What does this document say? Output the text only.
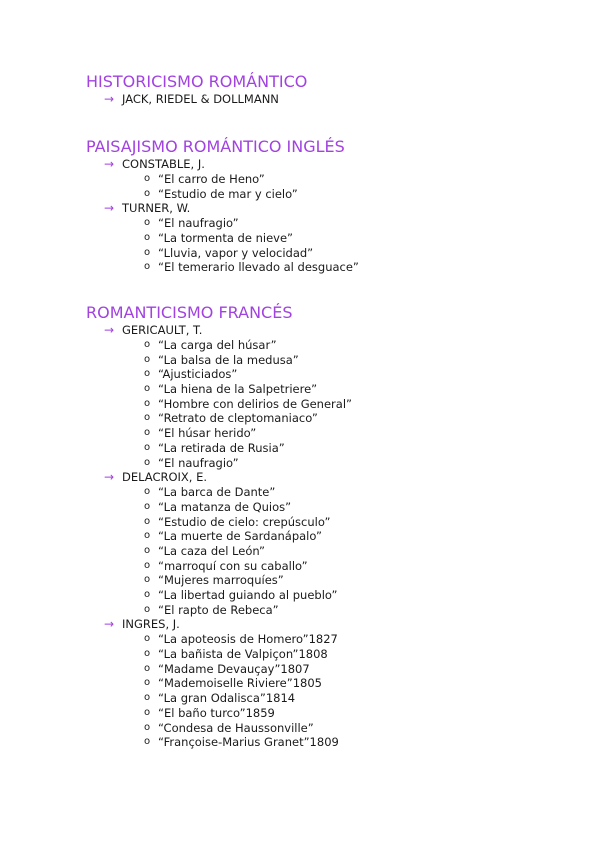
HISTORICISMO ROMÁNTICO
→ JACK, RIEDEL & DOLLMANN
PAISAJISMO ROMÁNTICO INGLÉS
→ CONSTABLE, J.
o “El carro de Heno”
o “Estudio de mar y cielo”
→ TURNER, W.
o “El naufragio”
o “La tormenta de nieve”
o “Lluvia, vapor y velocidad”
o “El temerario llevado al desguace”
ROMANTICISMO FRANCÉS
→ GERICAULT, T.
o “La carga del húsar”
o “La balsa de la medusa”
o “Ajusticiados”
o “La hiena de la Salpetriere”
o “Hombre con delirios de General”
o “Retrato de cleptomaniaco”
o “El húsar herido”
o “La retirada de Rusia”
o “El naufragio”
→ DELACROIX, E.
o “La barca de Dante”
o “La matanza de Quios”
o “Estudio de cielo: crepúsculo”
o “La muerte de Sardanápalo”
o “La caza del León”
o “marroquí con su caballo”
o “Mujeres marroquíes”
o “La libertad guiando al pueblo”
o “El rapto de Rebeca”
→ INGRES, J.
o “La apoteosis de Homero”1827
o “La bañista de Valpiçon”1808
o “Madame Devauçay”1807
o “Mademoiselle Riviere”1805
o “La gran Odalisca”1814
o “El baño turco”1859
o “Condesa de Haussonville”
o “Françoise-Marius Granet”1809
